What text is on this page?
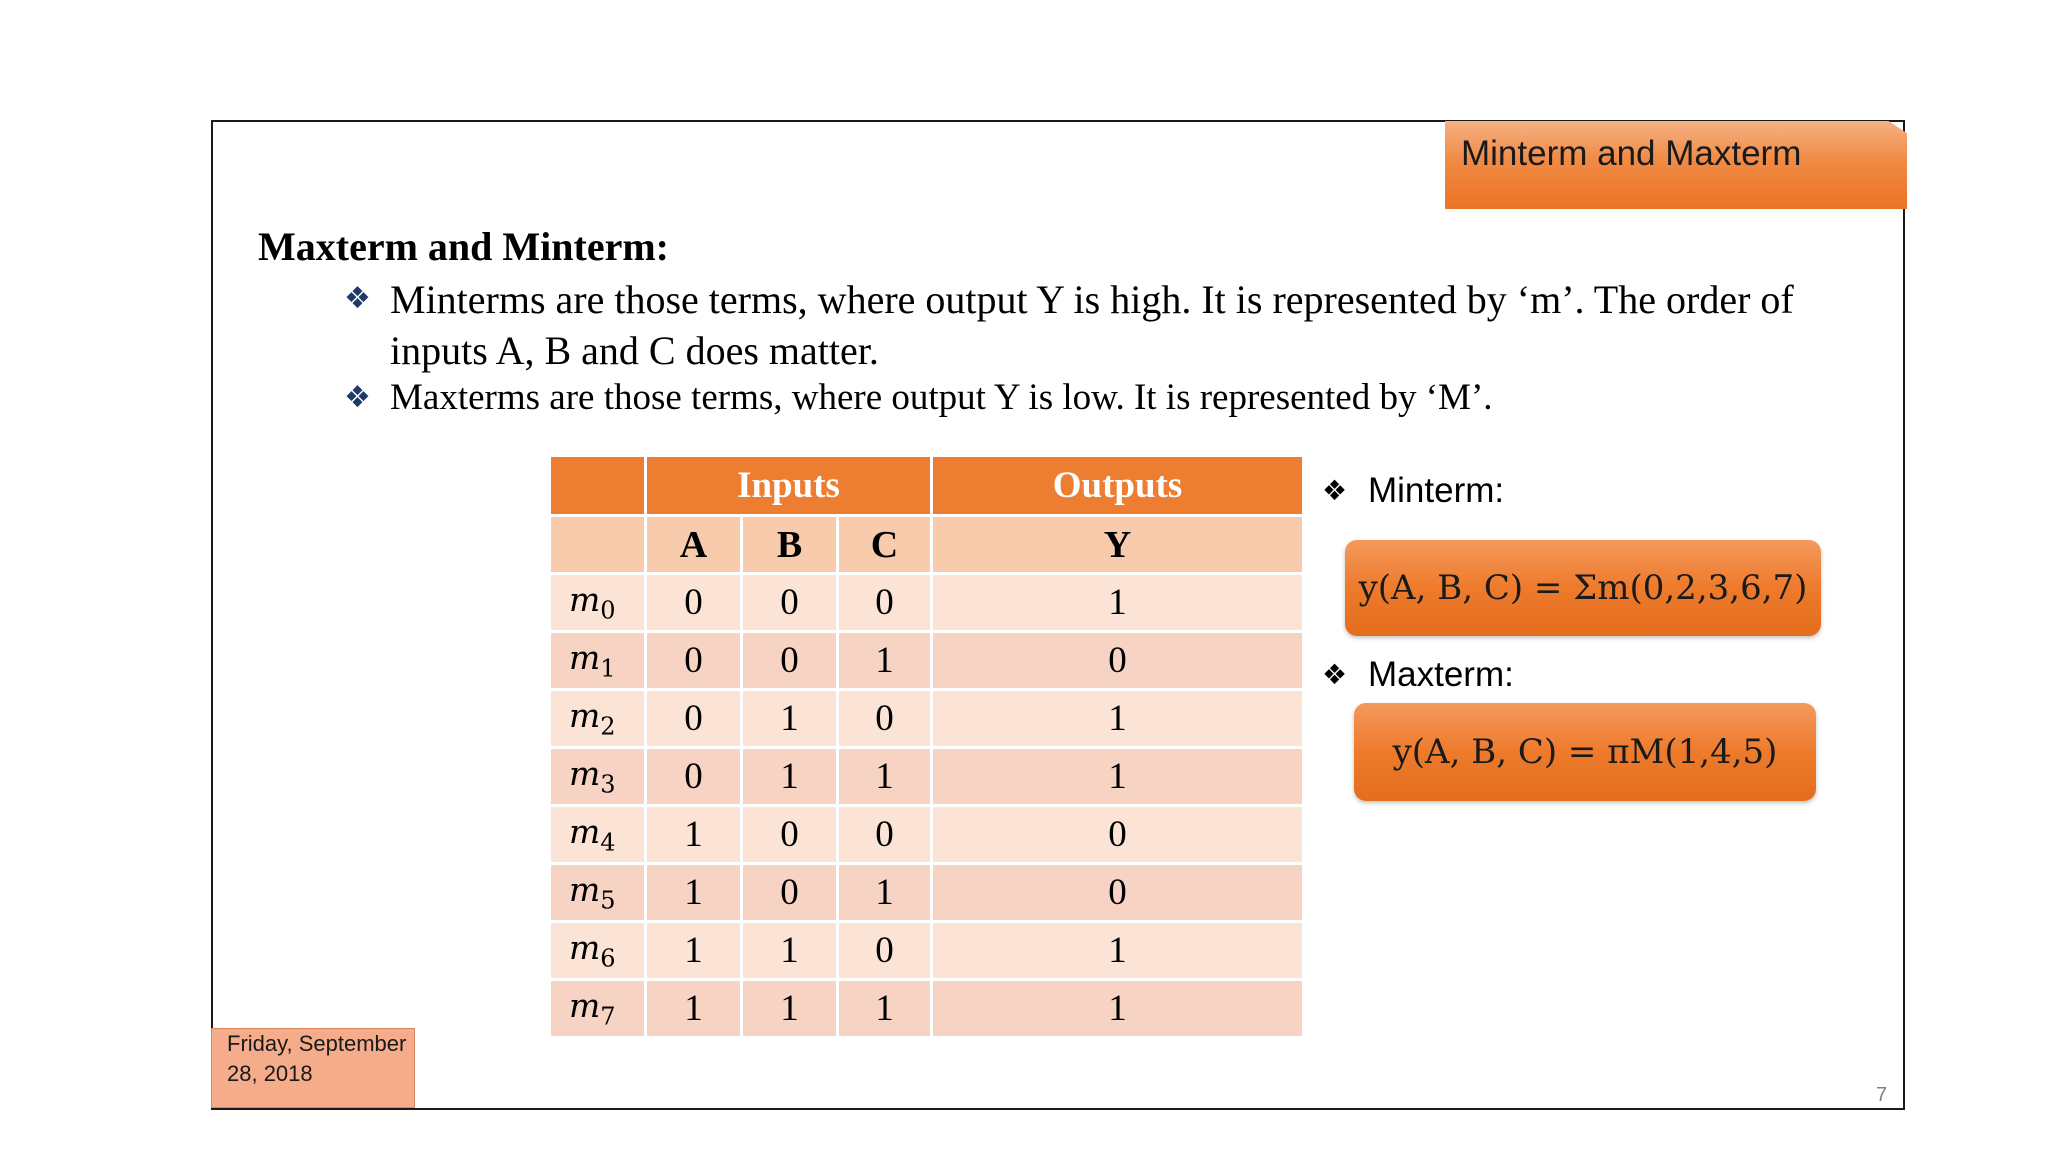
Minterm and Maxterm
Maxterm and Minterm:
❖ Minterms are those terms, where output Y is high. It is represented by ‘m’. The order of
inputs A, B and C does matter.
❖ Maxterms are those terms, where output Y is low. It is represented by ‘M’.
	Inputs			Outputs
	A	B	C	Y
$m_0$	0	0	0	1
$m_1$	0	0	1	0
$m_2$	0	1	0	1
$m_3$	0	1	1	1
$m_4$	1	0	0	0
$m_5$	1	0	1	0
$m_6$	1	1	0	1
$m_7$	1	1	1	1
❖ Minterm:
y(A, B, C) = Σm(0,2,3,6,7)
❖ Maxterm:
y(A, B, C) = πM(1,4,5)
Friday, September 28, 2018
7
